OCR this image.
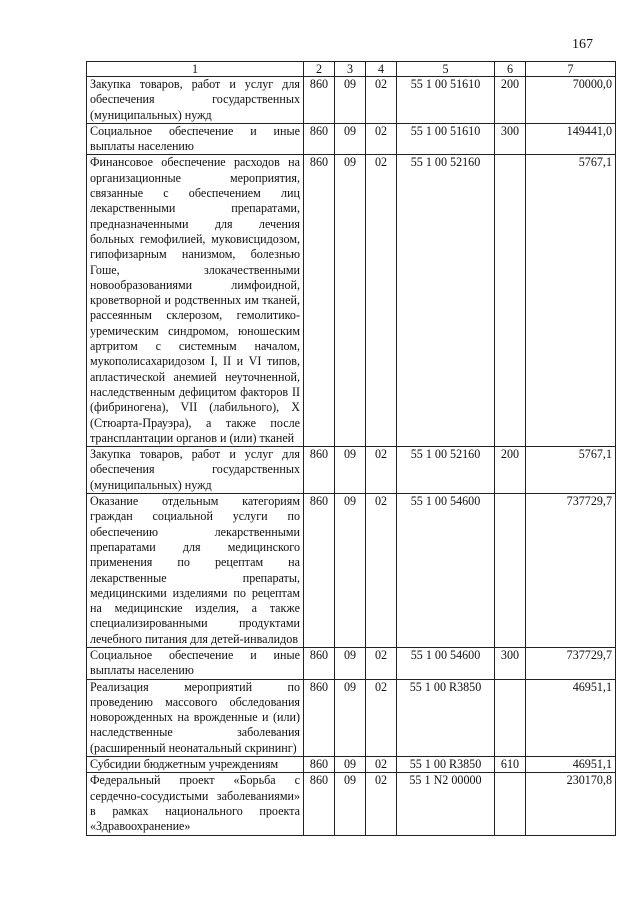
167
1	2	3	4	5	6	7
Закупка товаров, работ и услуг для обеспечения государственных (муниципальных) нужд	860	09	02	55 1 00 51610	200	70000,0
Социальное обеспечение и иные выплаты населению	860	09	02	55 1 00 51610	300	149441,0
Финансовое обеспечение расходов на организационные мероприятия, связанные с обеспечением лиц лекарственными препаратами, предназначенными для лечения больных гемофилией, муковисцидозом, гипофизарным нанизмом, болезнью Гоше, злокачественными новообразованиями лимфоидной, кроветворной и родственных им тканей, рассеянным склерозом, гемолитико-уремическим синдромом, юношеским артритом с системным началом, мукополисахаридозом I, II и VI типов, апластической анемией неуточненной, наследственным дефицитом факторов II (фибриногена), VII (лабильного), X (Стюарта-Прауэра), а также после трансплантации органов и (или) тканей	860	09	02	55 1 00 52160		5767,1
Закупка товаров, работ и услуг для обеспечения государственных (муниципальных) нужд	860	09	02	55 1 00 52160	200	5767,1
Оказание отдельным категориям граждан социальной услуги по обеспечению лекарственными препаратами для медицинского применения по рецептам на лекарственные препараты, медицинскими изделиями по рецептам на медицинские изделия, а также специализированными продуктами лечебного питания для детей-инвалидов	860	09	02	55 1 00 54600		737729,7
Социальное обеспечение и иные выплаты населению	860	09	02	55 1 00 54600	300	737729,7
Реализация мероприятий по проведению массового обследования новорожденных на врожденные и (или) наследственные заболевания (расширенный неонатальный скрининг)	860	09	02	55 1 00 R3850		46951,1
Субсидии бюджетным учреждениям	860	09	02	55 1 00 R3850	610	46951,1
Федеральный проект «Борьба с сердечно-сосудистыми заболеваниями» в рамках национального проекта «Здравоохранение»	860	09	02	55 1 N2 00000		230170,8
